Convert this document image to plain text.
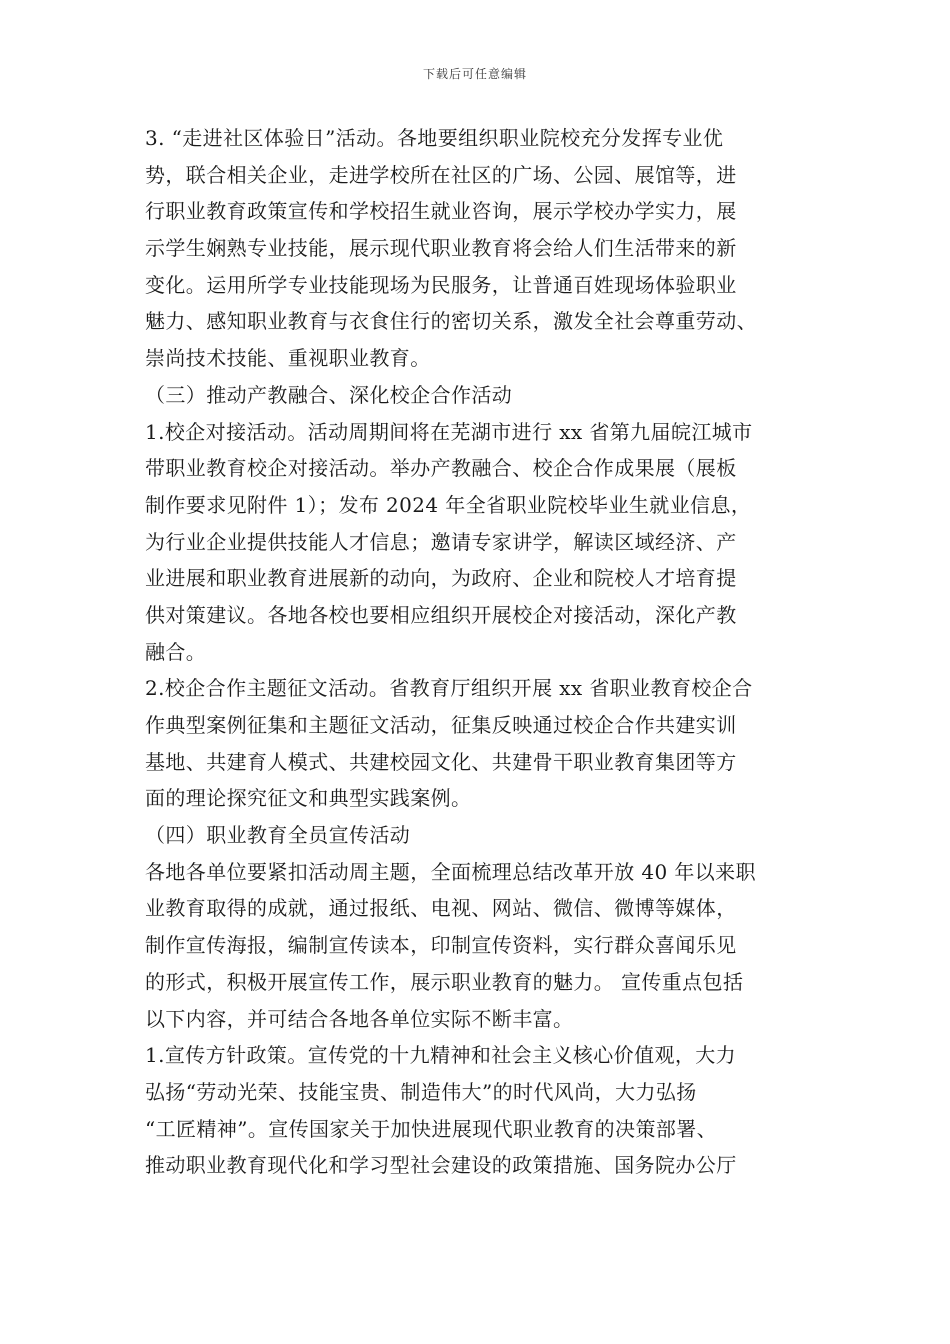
下载后可任意编辑
3. “走进社区体验日”活动。各地要组织职业院校充分发挥专业优
势，联合相关企业，走进学校所在社区的广场、公园、展馆等，进
行职业教育政策宣传和学校招生就业咨询，展示学校办学实力，展
示学生娴熟专业技能，展示现代职业教育将会给人们生活带来的新
变化。运用所学专业技能现场为民服务，让普通百姓现场体验职业
魅力、感知职业教育与衣食住行的密切关系，激发全社会尊重劳动、
崇尚技术技能、重视职业教育。
（三）推动产教融合、深化校企合作活动
1.校企对接活动。活动周期间将在芜湖市进行 xx 省第九届皖江城市
带职业教育校企对接活动。举办产教融合、校企合作成果展（展板
制作要求见附件 1）；发布 2024 年全省职业院校毕业生就业信息，
为行业企业提供技能人才信息；邀请专家讲学，解读区域经济、产
业进展和职业教育进展新的动向，为政府、企业和院校人才培育提
供对策建议。各地各校也要相应组织开展校企对接活动，深化产教
融合。
2.校企合作主题征文活动。省教育厅组织开展 xx 省职业教育校企合
作典型案例征集和主题征文活动，征集反映通过校企合作共建实训
基地、共建育人模式、共建校园文化、共建骨干职业教育集团等方
面的理论探究征文和典型实践案例。
（四）职业教育全员宣传活动
各地各单位要紧扣活动周主题，全面梳理总结改革开放 40 年以来职
业教育取得的成就，通过报纸、电视、网站、微信、微博等媒体，
制作宣传海报，编制宣传读本，印制宣传资料，实行群众喜闻乐见
的形式，积极开展宣传工作，展示职业教育的魅力。 宣传重点包括
以下内容，并可结合各地各单位实际不断丰富。
1.宣传方针政策。宣传党的十九精神和社会主义核心价值观，大力
弘扬“劳动光荣、技能宝贵、制造伟大”的时代风尚，大力弘扬
“工匠精神”。宣传国家关于加快进展现代职业教育的决策部署、
推动职业教育现代化和学习型社会建设的政策措施、国务院办公厅
